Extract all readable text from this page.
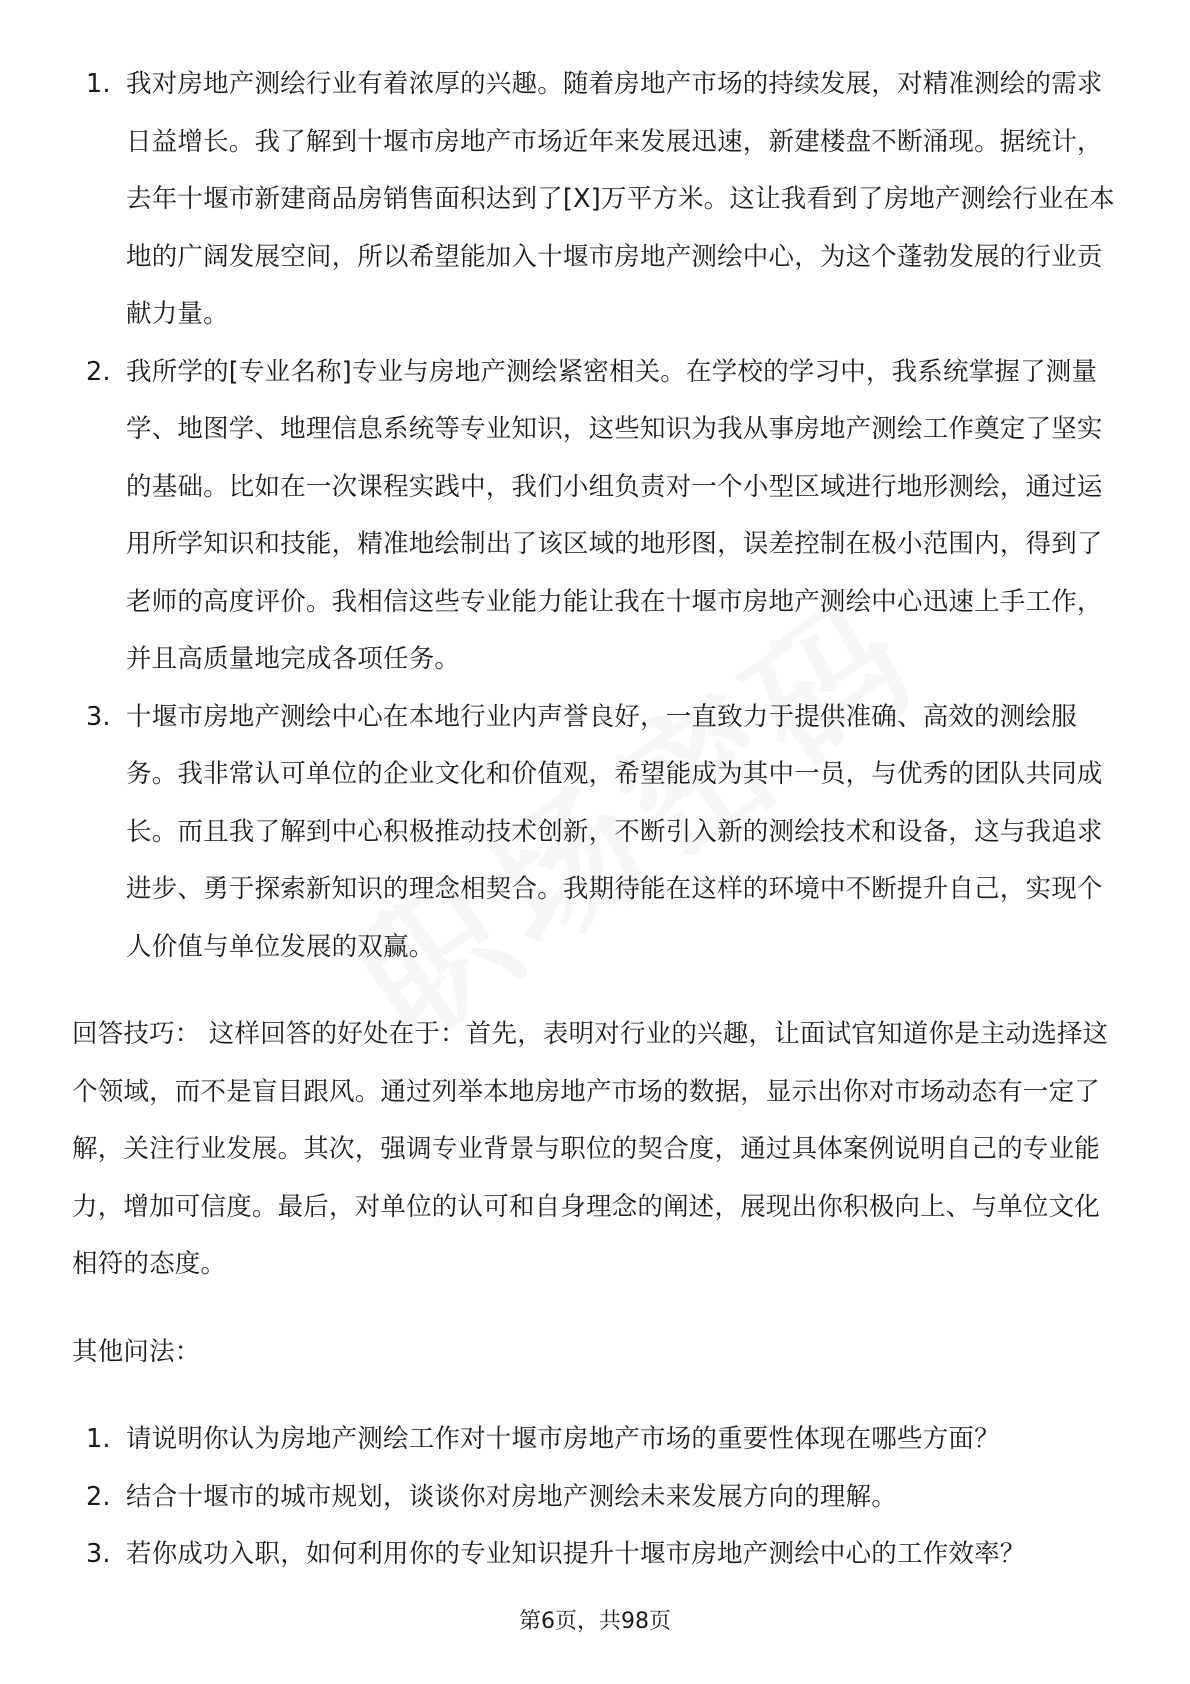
1. 我对房地产测绘行业有着浓厚的兴趣。随着房地产市场的持续发展，对精准测绘的需求日益增长。我了解到十堰市房地产市场近年来发展迅速，新建楼盘不断涌现。据统计，去年十堰市新建商品房销售面积达到了[X]万平方米。这让我看到了房地产测绘行业在本地的广阔发展空间，所以希望能加入十堰市房地产测绘中心，为这个蓬勃发展的行业贡献力量。
2. 我所学的[专业名称]专业与房地产测绘紧密相关。在学校的学习中，我系统掌握了测量学、地图学、地理信息系统等专业知识，这些知识为我从事房地产测绘工作奠定了坚实的基础。比如在一次课程实践中，我们小组负责对一个小型区域进行地形测绘，通过运用所学知识和技能，精准地绘制出了该区域的地形图，误差控制在极小范围内，得到了老师的高度评价。我相信这些专业能力能让我在十堰市房地产测绘中心迅速上手工作，并且高质量地完成各项任务。
3. 十堰市房地产测绘中心在本地行业内声誉良好，一直致力于提供准确、高效的测绘服务。我非常认可单位的企业文化和价值观，希望能成为其中一员，与优秀的团队共同成长。而且我了解到中心积极推动技术创新，不断引入新的测绘技术和设备，这与我追求进步、勇于探索新知识的理念相契合。我期待能在这样的环境中不断提升自己，实现个人价值与单位发展的双赢。
回答技巧： 这样回答的好处在于：首先，表明对行业的兴趣，让面试官知道你是主动选择这个领域，而不是盲目跟风。通过列举本地房地产市场的数据，显示出你对市场动态有一定了解，关注行业发展。其次，强调专业背景与职位的契合度，通过具体案例说明自己的专业能力，增加可信度。最后，对单位的认可和自身理念的阐述，展现出你积极向上、与单位文化相符的态度。
其他问法：
1. 请说明你认为房地产测绘工作对十堰市房地产市场的重要性体现在哪些方面？
2. 结合十堰市的城市规划，谈谈你对房地产测绘未来发展方向的理解。
3. 若你成功入职，如何利用你的专业知识提升十堰市房地产测绘中心的工作效率？
第6页，共98页
